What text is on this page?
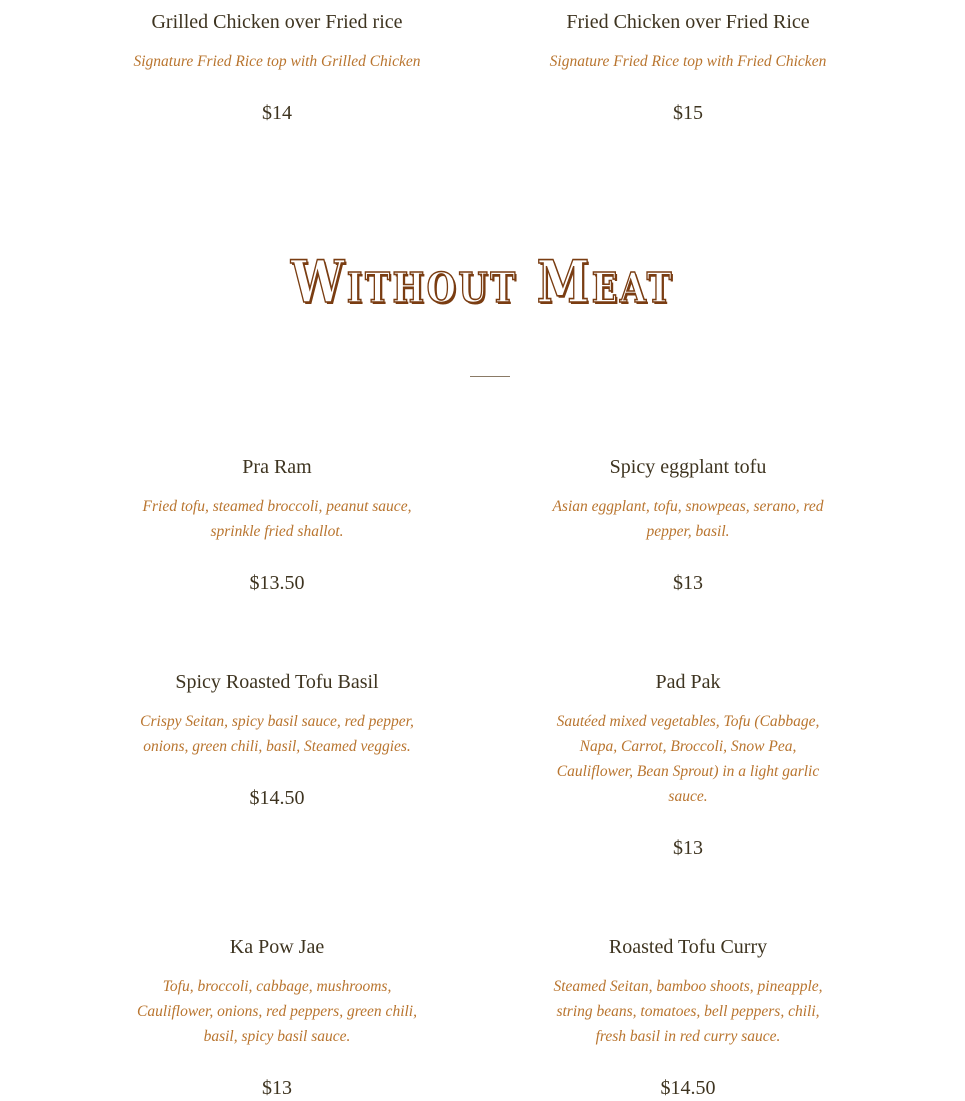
Grilled Chicken over Fried rice

Signature Fried Rice top with Grilled Chicken

$14

Fried Chicken over Fried Rice

Signature Fried Rice top with Fried Chicken

$15

Without Meat

Pra Ram

Fried tofu, steamed broccoli, peanut sauce, sprinkle fried shallot.

$13.50

Spicy eggplant tofu

Asian eggplant, tofu, snowpeas, serano, red pepper, basil.

$13

Spicy Roasted Tofu Basil

Crispy Seitan, spicy basil sauce, red pepper, onions, green chili, basil, Steamed veggies.

$14.50

Pad Pak

Sautéed mixed vegetables, Tofu (Cabbage, Napa, Carrot, Broccoli, Snow Pea, Cauliflower, Bean Sprout) in a light garlic sauce.

$13

Ka Pow Jae

Tofu, broccoli, cabbage, mushrooms, Cauliflower, onions, red peppers, green chili, basil, spicy basil sauce.

$13

Roasted Tofu Curry

Steamed Seitan, bamboo shoots, pineapple, string beans, tomatoes, bell peppers, chili, fresh basil in red curry sauce.

$14.50
